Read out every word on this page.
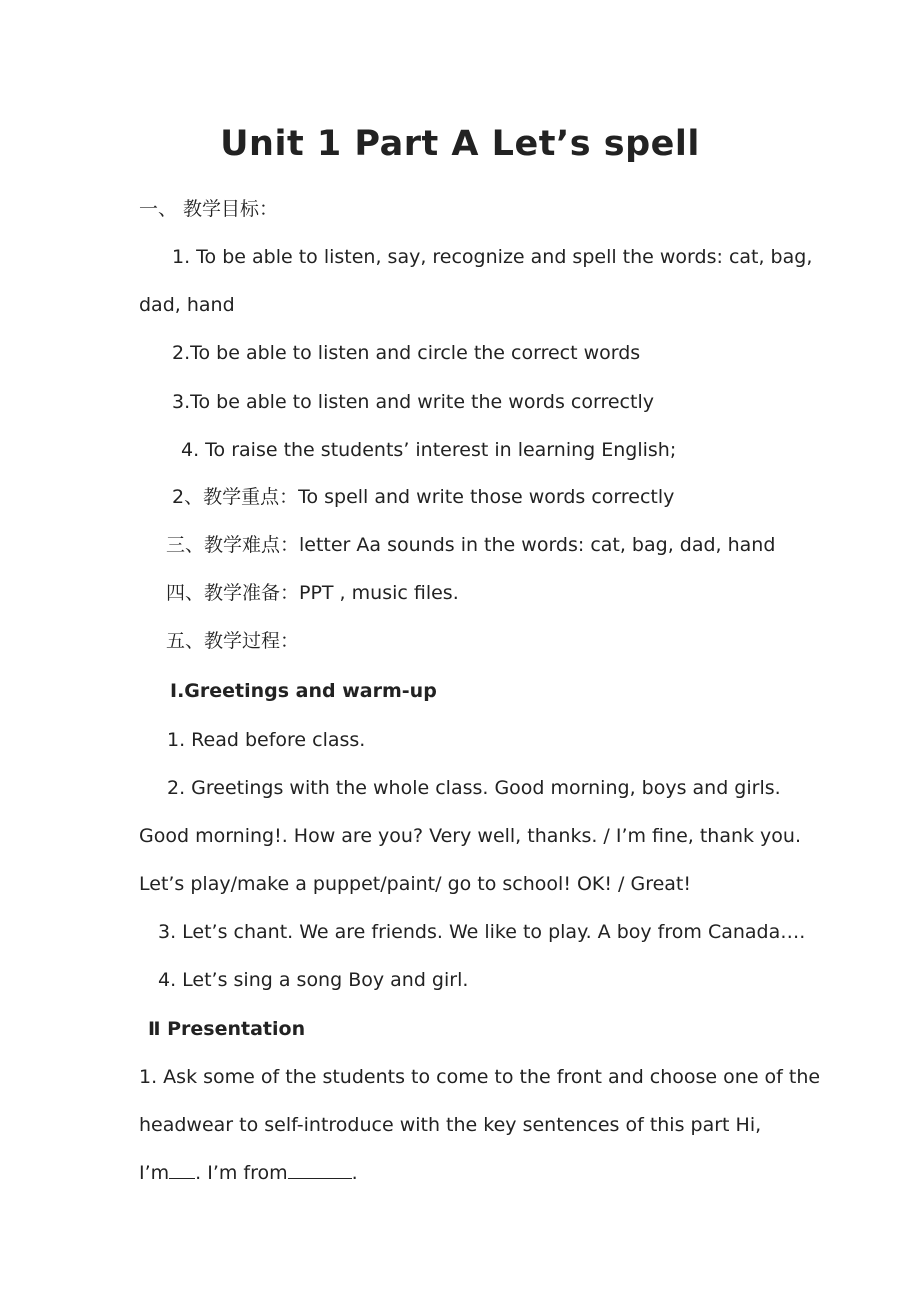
Unit 1 Part A Let’s spell
一、 教学目标：
1. To be able to listen, say, recognize and spell the words: cat, bag,
dad, hand
2.To be able to listen and circle the correct words
3.To be able to listen and write the words correctly
4. To raise the students’ interest in learning English;
2、教学重点：To spell and write those words correctly
三、教学难点：letter Aa sounds in the words: cat, bag, dad, hand
四、教学准备：PPT , music files.
五、教学过程：
Ⅰ.Greetings and warm-up
1. Read before class.
2. Greetings with the whole class. Good morning, boys and girls.
Good morning!. How are you? Very well, thanks. / I’m fine, thank you.
Let’s play/make a puppet/paint/ go to school! OK! / Great!
3. Let’s chant. We are friends. We like to play. A boy from Canada….
4. Let’s sing a song Boy and girl.
Ⅱ Presentation
1. Ask some of the students to come to the front and choose one of the
headwear to self-introduce with the key sentences of this part Hi,
I’m . I’m from	.
